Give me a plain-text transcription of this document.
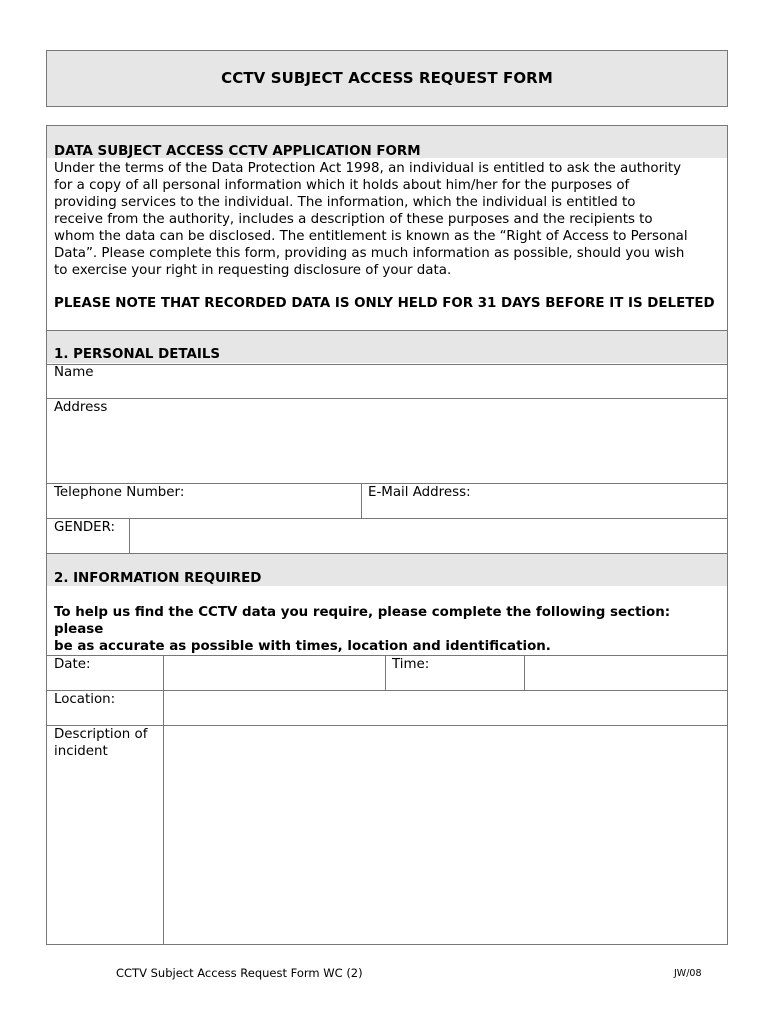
CCTV SUBJECT ACCESS REQUEST FORM
DATA SUBJECT ACCESS CCTV APPLICATION FORM
Under the terms of the Data Protection Act 1998, an individual is entitled to ask the authority
for a copy of all personal information which it holds about him/her for the purposes of
providing services to the individual. The information, which the individual is entitled to
receive from the authority, includes a description of these purposes and the recipients to
whom the data can be disclosed. The entitlement is known as the “Right of Access to Personal
Data”. Please complete this form, providing as much information as possible, should you wish
to exercise your right in requesting disclosure of your data.
PLEASE NOTE THAT RECORDED DATA IS ONLY HELD FOR 31 DAYS BEFORE IT IS DELETED
1. PERSONAL DETAILS
Name
Address
Telephone Number:	E-Mail Address:
GENDER:
2. INFORMATION REQUIRED
To help us find the CCTV data you require, please complete the following section: please
be as accurate as possible with times, location and identification.
Date:	Time:
Location:
Description of
incident
CCTV Subject Access Request Form WC (2)	JW/08
